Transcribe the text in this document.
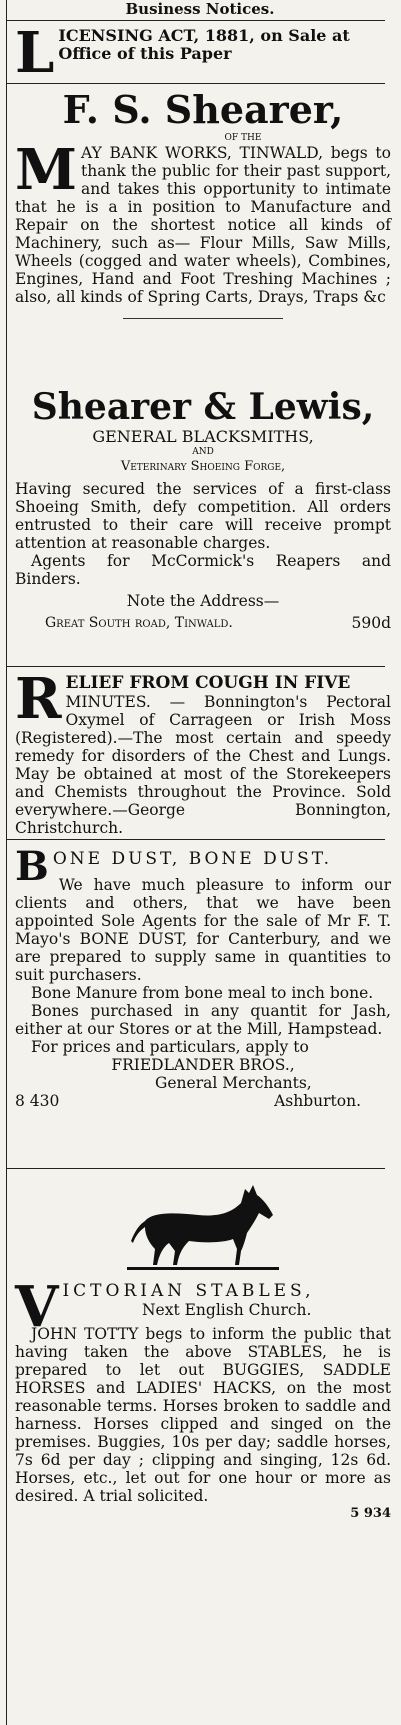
Business Notices.

L ICENSING ACT, 1881, on Sale at

Office of this Paper

F. S. Shearer,

OF THE

M AY BANK WORKS, TINWALD, begs to thank the public for their past support, and takes this opportunity to intimate that he is a in position to Manufacture and Repair on the shortest notice all kinds of Machinery, such as— Flour Mills, Saw Mills, Wheels (cogged and water wheels), Combines, Engines, Hand and Foot Treshing Machines ; also, all kinds of Spring Carts, Drays, Traps &c

Shearer & Lewis,

GENERAL BLACKSMITHS,

AND

Veterinary Shoeing Forge,

Having secured the services of a first-class Shoeing Smith, defy competition. All orders entrusted to their care will receive prompt attention at reasonable charges.

Agents for McCormick's Reapers and Binders.

Note the Address—

Great South road, Tinwald.	590d
R ELIEF FROM COUGH IN FIVE

MINUTES. — Bonnington's Pectoral Oxymel of Carrageen or Irish Moss (Registered).—The most certain and speedy remedy for disorders of the Chest and Lungs. May be obtained at most of the Storekeepers and Chemists throughout the Province. Sold everywhere.—George Bonnington, Christchurch.

B ONE DUST, BONE DUST.

We have much pleasure to inform our clients and others, that we have been appointed Sole Agents for the sale of Mr F. T. Mayo's BONE DUST, for Canterbury, and we are prepared to supply same in quantities to suit purchasers.

Bone Manure from bone meal to inch bone.

Bones purchased in any quantit for Jash, either at our Stores or at the Mill, Hampstead.

For prices and particulars, apply to

FRIEDLANDER BROS.,

General Merchants,

8 430	Ashburton.
V ICTORIAN STABLES,

Next English Church.

JOHN TOTTY begs to inform the public that having taken the above STABLES, he is prepared to let out BUGGIES, SADDLE HORSES and LADIES' HACKS, on the most reasonable terms. Horses broken to saddle and harness. Horses clipped and singed on the premises. Buggies, 10s per day; saddle horses, 7s 6d per day ; clipping and singing, 12s 6d. Horses, etc., let out for one hour or more as desired. A trial solicited.

5 934
